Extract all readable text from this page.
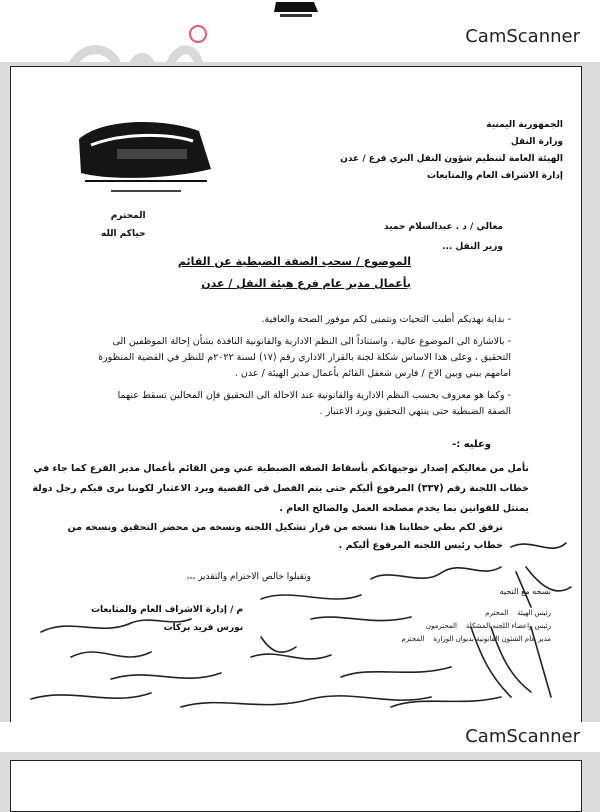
CamScanner
الجمهورية اليمنية
وزارة النقل
الهيئة العامة لتنظيم شؤون النقل البري فرع / عدن
إدارة الاشراف العام والمتابعات
المحترم
حياكم الله
معالي / د . عبدالسلام حميد
وزير النقل ...
الموضوع / سحب الصفة الضبطية عن القائم
بأعمال مدير عام فرع هيئة النقل / عدن

- بداية نهديكم أطيب التحيات ونتمنى لكم موفور الصحة والعافية.

- بالاشارة الى الموضوع عالية ، واستناداً الى النظم الادارية والقانونية النافذة بشأن إحالة الموظفين الى التحقيق ، وعلى هذا الاساس شكلة لجنة بالقرار الاداري رقم (١٧) لسنة ٢٠٢٢م للنظر في القضية المنظورة امامهم بيني وبين الاخ / فارس شعفل القائم بأعمال مدير الهيئة / عدن .

- وكما هو معروف بحسب النظم الادارية والقانونية عند الاحالة الى التحقيق فإن المحالين تسقط عنهما الصفة الضبطية حتى ينتهي التحقيق ويرد الاعتبار .

وعليه :-
نأمل من معاليكم إصدار توجيهاتكم بأسقاط الصفه الضبطية عني ومن القائم بأعمال مدير الفرع كما جاء في خطاب اللجنة رقم (٣٣٧) المرفوع أليكم حتى يتم الفصل في القضية ويرد الاعتبار لكوننا نرى فيكم رجل دولة يمتثل للقوانين بما يخدم مصلحه العمل والصالح العام .
نرفق لكم بطي خطابنا هذا نسخه من قرار تشكيل اللجنه ونسخه من محضر التحقيق ونسخه من خطاب رئيس اللجنه المرفوع أليكم .
وتقبلوا خالص الاحترام والتقدير ،،،
نسخه مع التحيه
رئيس الهيئة    المحترم
رئيس واعضاء اللجنه المشكلة    المحترمون
مدير عام الشئون القانونية بديوان الوزارة    المحترم
م / إدارة الاشراف العام والمتابعات
نورس فريد بركات
CamScanner
